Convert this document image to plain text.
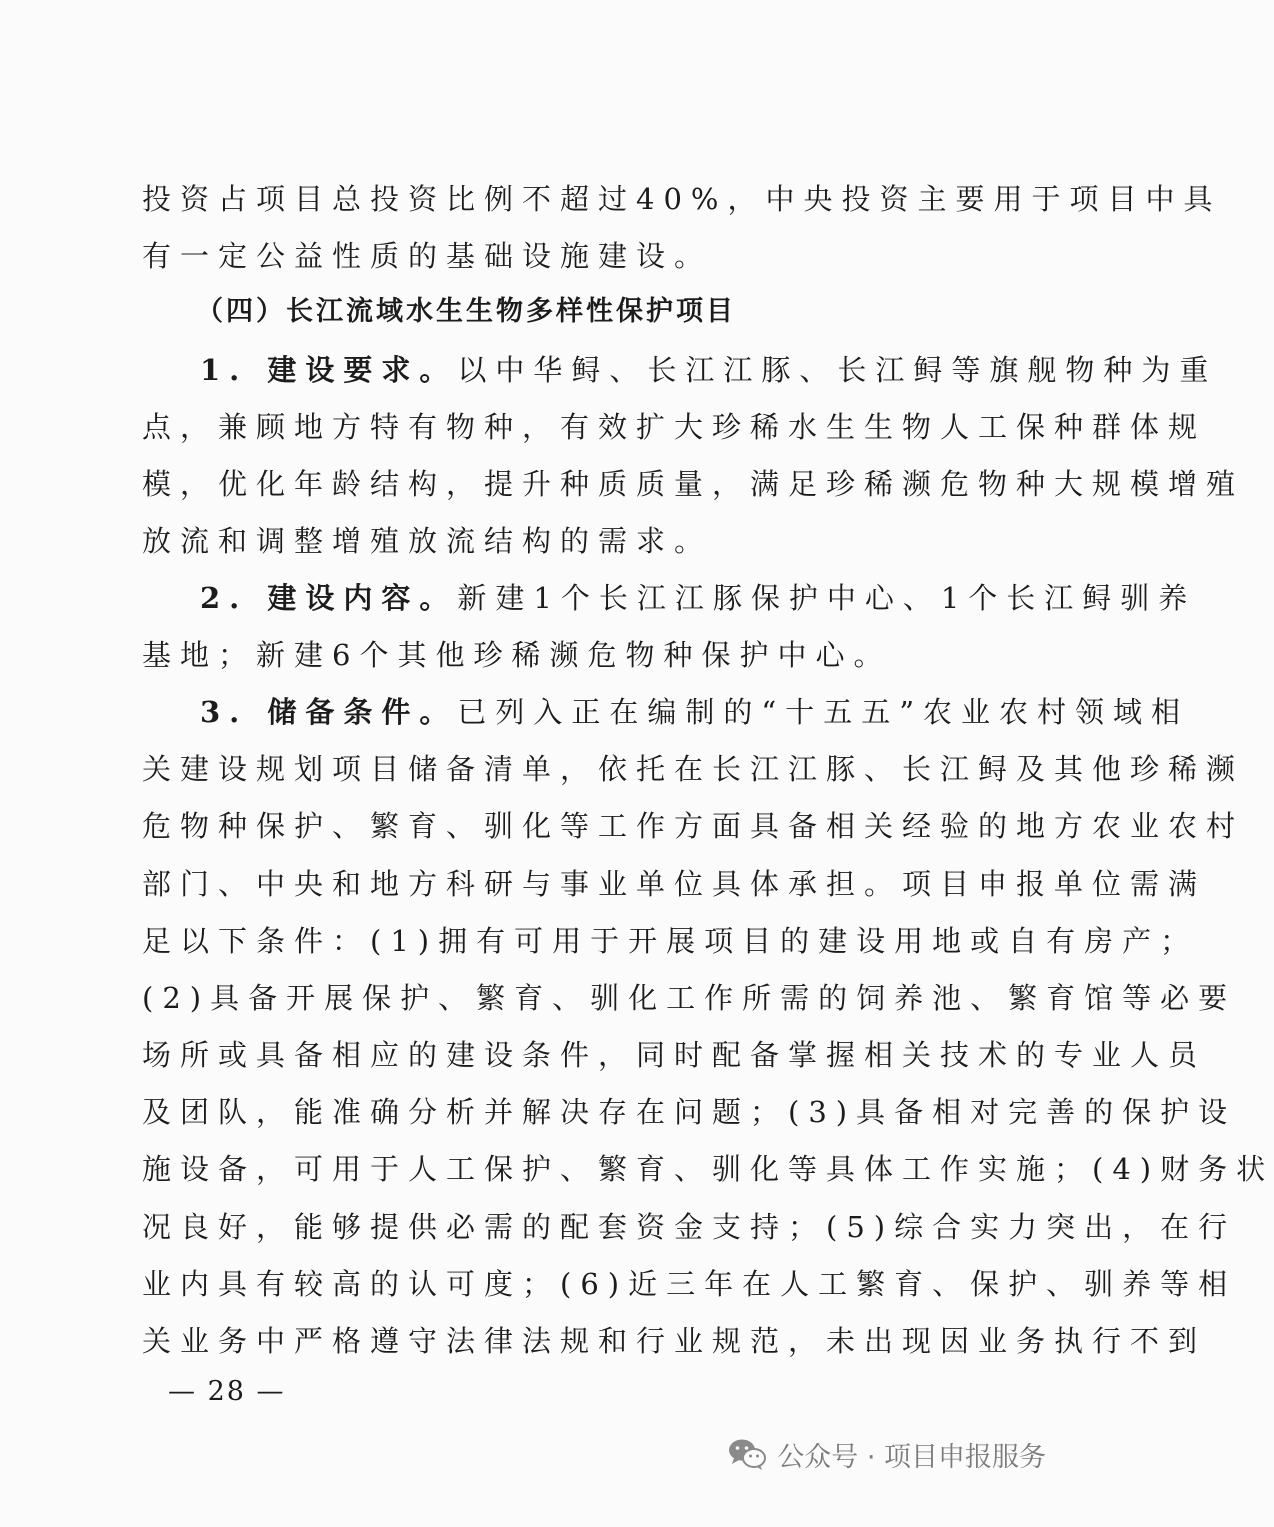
投资占项目总投资比例不超过40%，中央投资主要用于项目中具
有一定公益性质的基础设施建设。
（四）长江流域水生生物多样性保护项目
1. 建设要求。以中华鲟、长江江豚、长江鲟等旗舰物种为重
点，兼顾地方特有物种，有效扩大珍稀水生生物人工保种群体规
模，优化年龄结构，提升种质质量，满足珍稀濒危物种大规模增殖
放流和调整增殖放流结构的需求。
2. 建设内容。新建1个长江江豚保护中心、1个长江鲟驯养
基地；新建6个其他珍稀濒危物种保护中心。
3. 储备条件。已列入正在编制的“十五五”农业农村领域相
关建设规划项目储备清单，依托在长江江豚、长江鲟及其他珍稀濒
危物种保护、繁育、驯化等工作方面具备相关经验的地方农业农村
部门、中央和地方科研与事业单位具体承担。项目申报单位需满
足以下条件：(1)拥有可用于开展项目的建设用地或自有房产；
(2)具备开展保护、繁育、驯化工作所需的饲养池、繁育馆等必要
场所或具备相应的建设条件，同时配备掌握相关技术的专业人员
及团队，能准确分析并解决存在问题；(3)具备相对完善的保护设
施设备，可用于人工保护、繁育、驯化等具体工作实施；(4)财务状
况良好，能够提供必需的配套资金支持；(5)综合实力突出，在行
业内具有较高的认可度；(6)近三年在人工繁育、保护、驯养等相
关业务中严格遵守法律法规和行业规范，未出现因业务执行不到
— 28 —
公众号 · 项目申报服务
